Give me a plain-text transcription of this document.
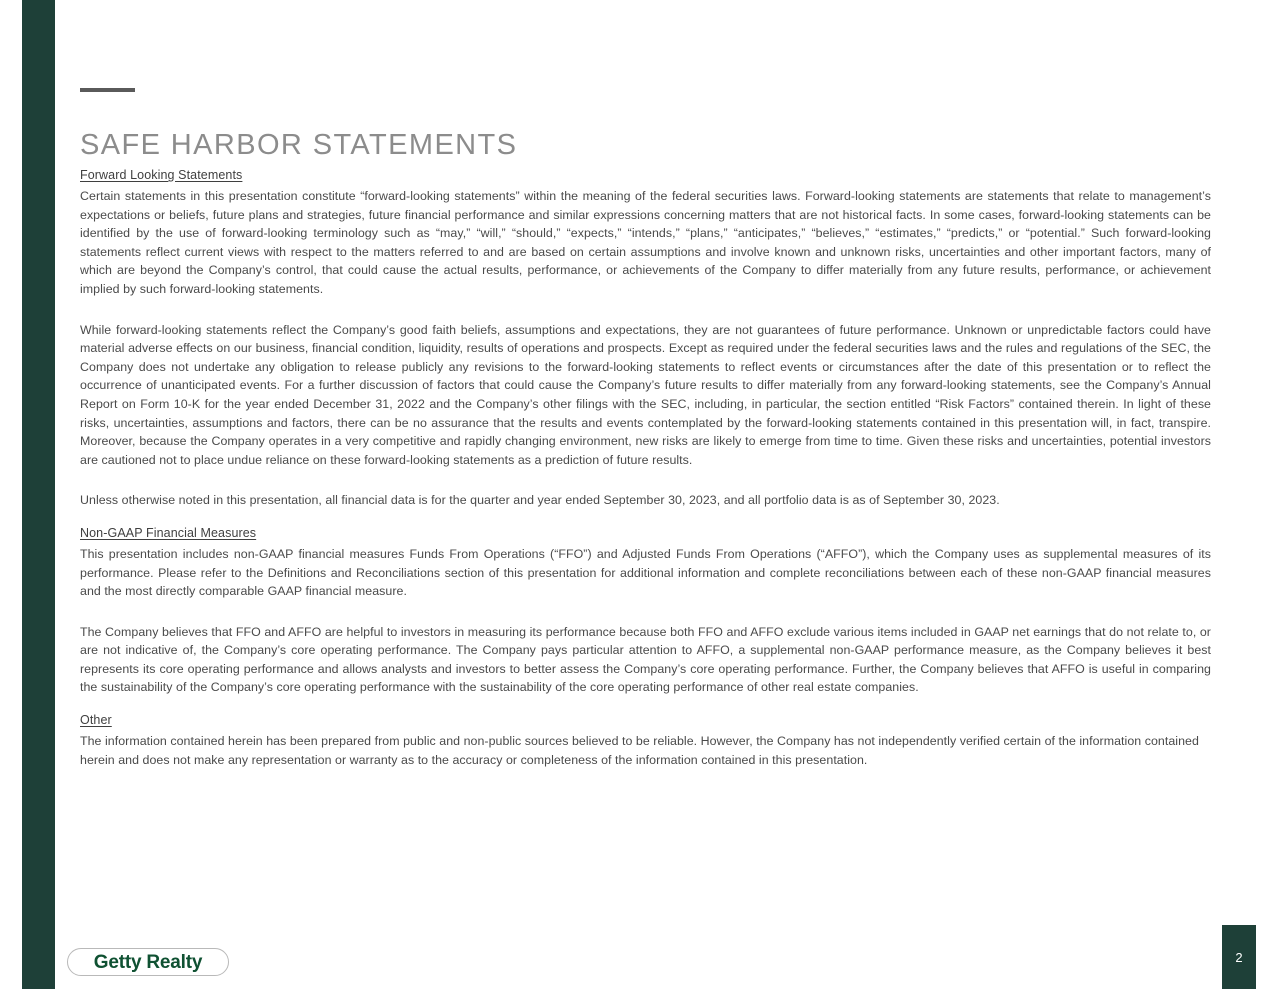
SAFE HARBOR STATEMENTS
Forward Looking Statements

Certain statements in this presentation constitute “forward-looking statements” within the meaning of the federal securities laws. Forward-looking statements are statements that relate to management’s expectations or beliefs, future plans and strategies, future financial performance and similar expressions concerning matters that are not historical facts. In some cases, forward-looking statements can be identified by the use of forward-looking terminology such as “may,” “will,” “should,” “expects,” “intends,” “plans,” “anticipates,” “believes,” “estimates,” “predicts,” or “potential.” Such forward-looking statements reflect current views with respect to the matters referred to and are based on certain assumptions and involve known and unknown risks, uncertainties and other important factors, many of which are beyond the Company’s control, that could cause the actual results, performance, or achievements of the Company to differ materially from any future results, performance, or achievement implied by such forward-looking statements.

While forward-looking statements reflect the Company’s good faith beliefs, assumptions and expectations, they are not guarantees of future performance. Unknown or unpredictable factors could have material adverse effects on our business, financial condition, liquidity, results of operations and prospects. Except as required under the federal securities laws and the rules and regulations of the SEC, the Company does not undertake any obligation to release publicly any revisions to the forward-looking statements to reflect events or circumstances after the date of this presentation or to reflect the occurrence of unanticipated events. For a further discussion of factors that could cause the Company’s future results to differ materially from any forward-looking statements, see the Company’s Annual Report on Form 10-K for the year ended December 31, 2022 and the Company’s other filings with the SEC, including, in particular, the section entitled “Risk Factors” contained therein. In light of these risks, uncertainties, assumptions and factors, there can be no assurance that the results and events contemplated by the forward-looking statements contained in this presentation will, in fact, transpire. Moreover, because the Company operates in a very competitive and rapidly changing environment, new risks are likely to emerge from time to time. Given these risks and uncertainties, potential investors are cautioned not to place undue reliance on these forward-looking statements as a prediction of future results.

Unless otherwise noted in this presentation, all financial data is for the quarter and year ended September 30, 2023, and all portfolio data is as of September 30, 2023.

Non-GAAP Financial Measures

This presentation includes non-GAAP financial measures Funds From Operations (“FFO”) and Adjusted Funds From Operations (“AFFO”), which the Company uses as supplemental measures of its performance. Please refer to the Definitions and Reconciliations section of this presentation for additional information and complete reconciliations between each of these non-GAAP financial measures and the most directly comparable GAAP financial measure.

The Company believes that FFO and AFFO are helpful to investors in measuring its performance because both FFO and AFFO exclude various items included in GAAP net earnings that do not relate to, or are not indicative of, the Company’s core operating performance. The Company pays particular attention to AFFO, a supplemental non-GAAP performance measure, as the Company believes it best represents its core operating performance and allows analysts and investors to better assess the Company’s core operating performance. Further, the Company believes that AFFO is useful in comparing the sustainability of the Company’s core operating performance with the sustainability of the core operating performance of other real estate companies.

Other

The information contained herein has been prepared from public and non-public sources believed to be reliable. However, the Company has not independently verified certain of the information contained herein and does not make any representation or warranty as to the accuracy or completeness of the information contained in this presentation.

Getty Realty	2
